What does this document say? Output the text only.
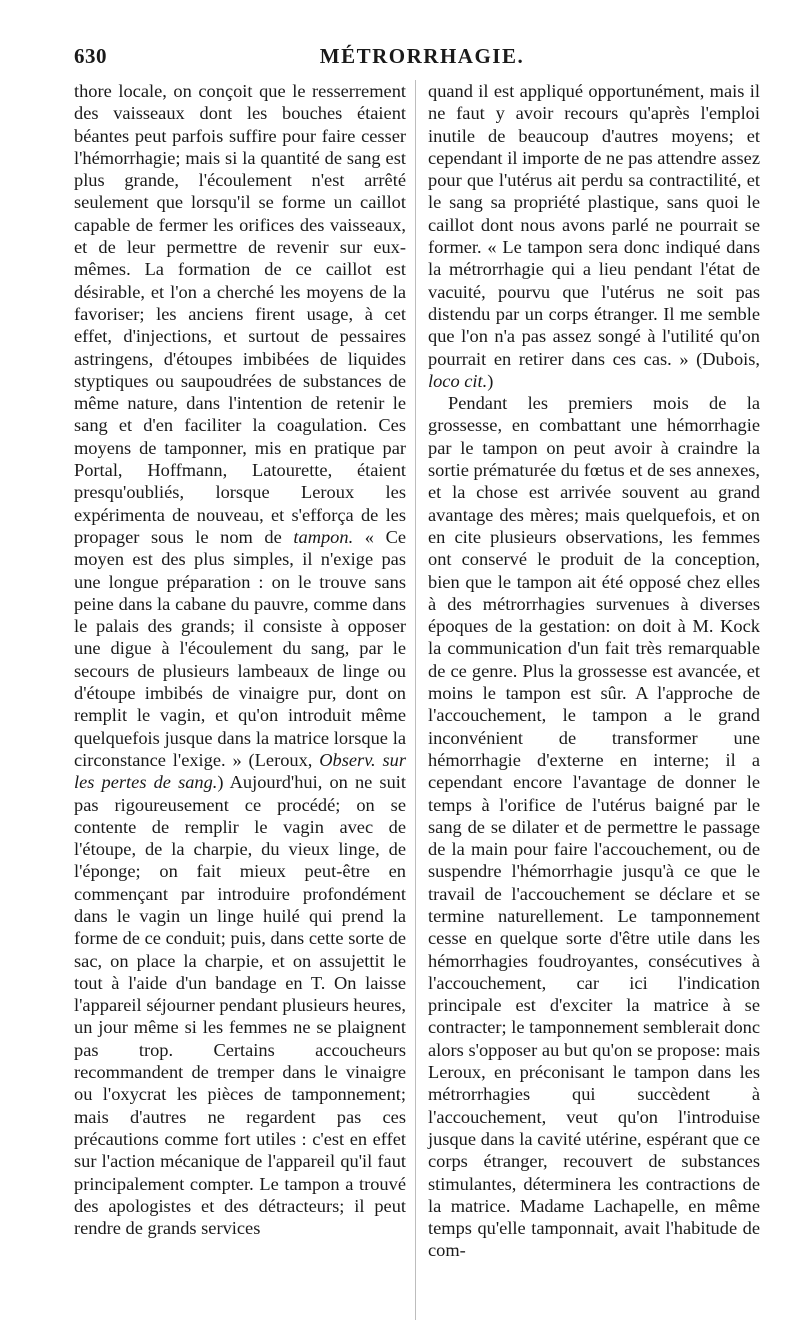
630	MÉTRORRHAGIE.

thore locale, on conçoit que le resserrement des vaisseaux dont les bouches étaient béantes peut parfois suffire pour faire cesser l'hémorrhagie; mais si la quantité de sang est plus grande, l'écoulement n'est arrêté seulement que lorsqu'il se forme un caillot capable de fermer les orifices des vaisseaux, et de leur permettre de revenir sur eux-mêmes. La formation de ce caillot est désirable, et l'on a cherché les moyens de la favoriser; les anciens firent usage, à cet effet, d'injections, et surtout de pessaires astringens, d'étoupes imbibées de liquides styptiques ou saupoudrées de substances de même nature, dans l'intention de retenir le sang et d'en faciliter la coagulation. Ces moyens de tamponner, mis en pratique par Portal, Hoffmann, Latourette, étaient presqu'oubliés, lorsque Leroux les expérimenta de nouveau, et s'efforça de les propager sous le nom de tampon. « Ce moyen est des plus simples, il n'exige pas une longue préparation : on le trouve sans peine dans la cabane du pauvre, comme dans le palais des grands; il consiste à opposer une digue à l'écoulement du sang, par le secours de plusieurs lambeaux de linge ou d'étoupe imbibés de vinaigre pur, dont on remplit le vagin, et qu'on introduit même quelquefois jusque dans la matrice lorsque la circonstance l'exige. » (Leroux, Observ. sur les pertes de sang.) Aujourd'hui, on ne suit pas rigoureusement ce procédé; on se contente de remplir le vagin avec de l'étoupe, de la charpie, du vieux linge, de l'éponge; on fait mieux peut-être en commençant par introduire profondément dans le vagin un linge huilé qui prend la forme de ce conduit; puis, dans cette sorte de sac, on place la charpie, et on assujettit le tout à l'aide d'un bandage en T. On laisse l'appareil séjourner pendant plusieurs heures, un jour même si les femmes ne se plaignent pas trop. Certains accoucheurs recommandent de tremper dans le vinaigre ou l'oxycrat les pièces de tamponnement; mais d'autres ne regardent pas ces précautions comme fort utiles : c'est en effet sur l'action mécanique de l'appareil qu'il faut principalement compter. Le tampon a trouvé des apologistes et des détracteurs; il peut rendre de grands services

quand il est appliqué opportunément, mais il ne faut y avoir recours qu'après l'emploi inutile de beaucoup d'autres moyens; et cependant il importe de ne pas attendre assez pour que l'utérus ait perdu sa contractilité, et le sang sa propriété plastique, sans quoi le caillot dont nous avons parlé ne pourrait se former. « Le tampon sera donc indiqué dans la métrorrhagie qui a lieu pendant l'état de vacuité, pourvu que l'utérus ne soit pas distendu par un corps étranger. Il me semble que l'on n'a pas assez songé à l'utilité qu'on pourrait en retirer dans ces cas. » (Dubois, loco cit.)

Pendant les premiers mois de la grossesse, en combattant une hémorrhagie par le tampon on peut avoir à craindre la sortie prématurée du fœtus et de ses annexes, et la chose est arrivée souvent au grand avantage des mères; mais quelquefois, et on en cite plusieurs observations, les femmes ont conservé le produit de la conception, bien que le tampon ait été opposé chez elles à des métrorrhagies survenues à diverses époques de la gestation: on doit à M. Kock la communication d'un fait très remarquable de ce genre. Plus la grossesse est avancée, et moins le tampon est sûr. A l'approche de l'accouchement, le tampon a le grand inconvénient de transformer une hémorrhagie d'externe en interne; il a cependant encore l'avantage de donner le temps à l'orifice de l'utérus baigné par le sang de se dilater et de permettre le passage de la main pour faire l'accouchement, ou de suspendre l'hémorrhagie jusqu'à ce que le travail de l'accouchement se déclare et se termine naturellement. Le tamponnement cesse en quelque sorte d'être utile dans les hémorrhagies foudroyantes, consécutives à l'accouchement, car ici l'indication principale est d'exciter la matrice à se contracter; le tamponnement semblerait donc alors s'opposer au but qu'on se propose: mais Leroux, en préconisant le tampon dans les métrorrhagies qui succèdent à l'accouchement, veut qu'on l'introduise jusque dans la cavité utérine, espérant que ce corps étranger, recouvert de substances stimulantes, déterminera les contractions de la matrice. Madame Lachapelle, en même temps qu'elle tamponnait, avait l'habitude de com-
